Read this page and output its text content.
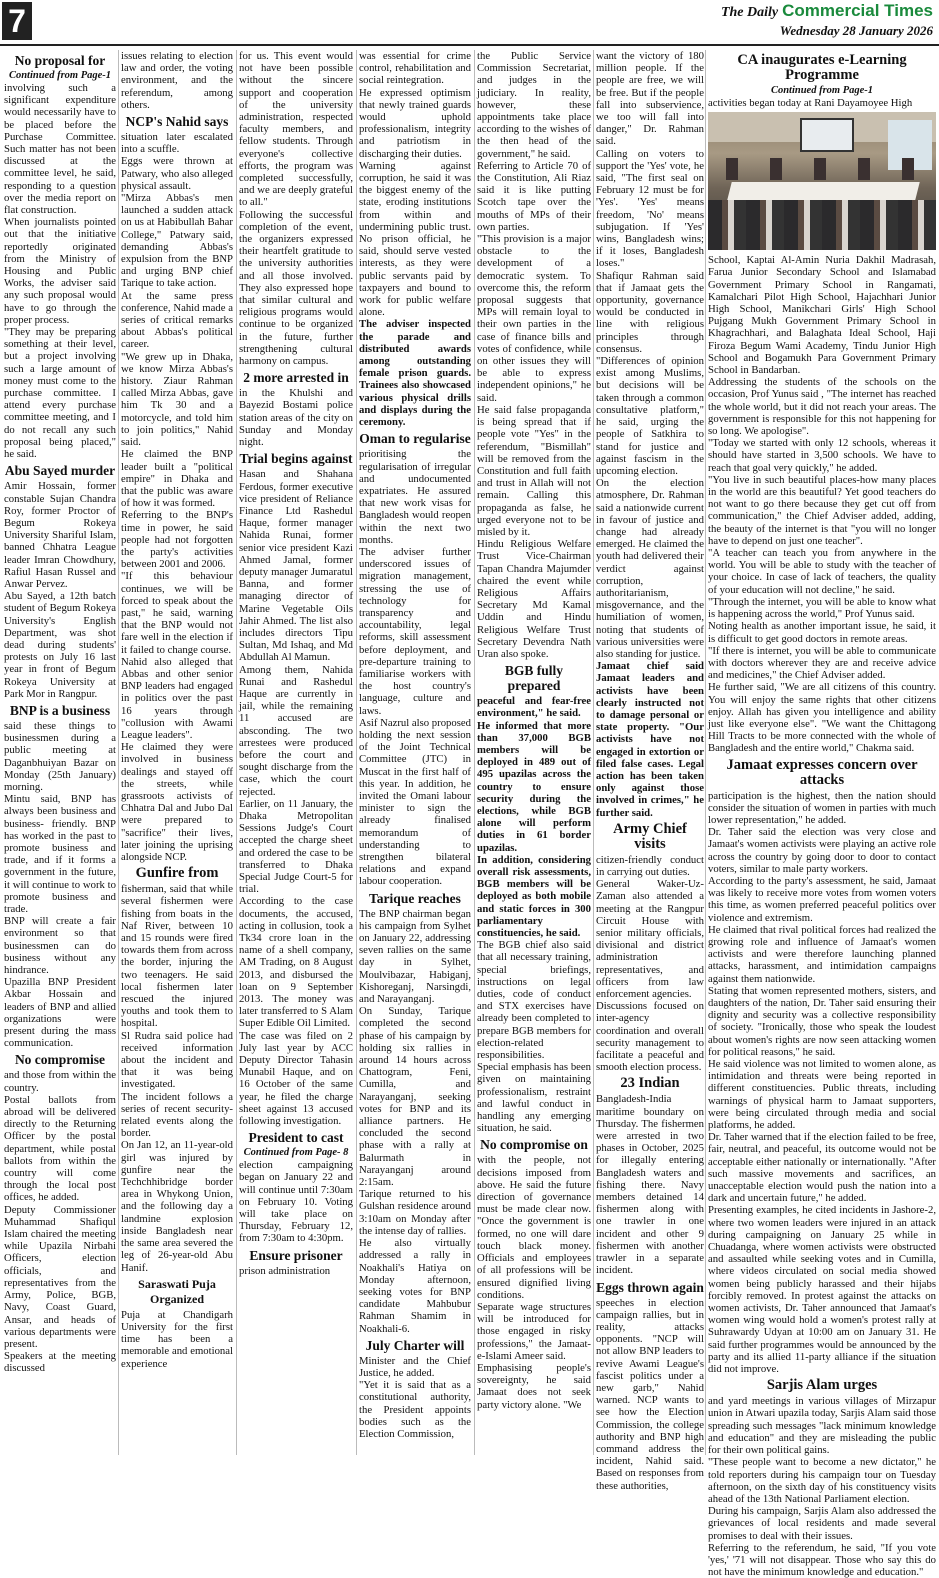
7	The Daily Commercial Times
Wednesday 28 January 2026
No proposal for
Continued from Page-1

involving such a significant expenditure would necessarily have to be placed before the Purchase Committee. Such matter has not been discussed at the committee level, he said, responding to a question over the media report on flat construction.

When journalists pointed out that the initiative reportedly originated from the Ministry of Housing and Public Works, the adviser said any such proposal would have to go through the proper process.

"They may be preparing something at their level, but a project involving such a large amount of money must come to the purchase committee. I attend every purchase committee meeting, and I do not recall any such proposal being placed," he said.

Abu Sayed murder

Amir Hossain, former constable Sujan Chandra Roy, former Proctor of Begum Rokeya University Shariful Islam, banned Chhatra League leader Imran Chowdhury, Rafiul Hasan Russel and Anwar Pervez.

Abu Sayed, a 12th batch student of Begum Rokeya University's English Department, was shot dead during students' protests on July 16 last year in front of Begum Rokeya University at Park Mor in Rangpur.

BNP is a business

said these things to businessmen during a public meeting at Daganbhuiyan Bazar on Monday (25th January) morning.

Mintu said, BNP has always been business and business- friendly. BNP has worked in the past to promote business and trade, and if it forms a government in the future, it will continue to work to promote business and trade.

BNP will create a fair environment so that businessmen can do business without any hindrance.

Upazilla BNP President Akbar Hossain and leaders of BNP and allied organizations were present during the mass communication.

No compromise

and those from within the country.

Postal ballots from abroad will be delivered directly to the Returning Officer by the postal department, while postal ballots from within the country will come through the local post offices, he added.

Deputy Commissioner Muhammad Shafiqul Islam chaired the meeting while Upazila Nirbahi Officers, election officials, and representatives from the Army, Police, BGB, Navy, Coast Guard, Ansar, and heads of various departments were present.

Speakers at the meeting discussed

issues relating to election law and order, the voting environment, and the referendum, among others.

NCP's Nahid says

situation later escalated into a scuffle.

Eggs were thrown at Patwary, who also alleged physical assault.

"Mirza Abbas's men launched a sudden attack on us at Habibullah Bahar College," Patwary said, demanding Abbas's expulsion from the BNP and urging BNP chief Tarique to take action.

At the same press conference, Nahid made a series of critical remarks about Abbas's political career.

"We grew up in Dhaka, we know Mirza Abbas's history. Ziaur Rahman called Mirza Abbas, gave him Tk 30 and a motorcycle, and told him to join politics," Nahid said.

He claimed the BNP leader built a "political empire" in Dhaka and that the public was aware of how it was formed.

Referring to the BNP's time in power, he said people had not forgotten the party's activities between 2001 and 2006.

"If this behaviour continues, we will be forced to speak about the past," he said, warning that the BNP would not fare well in the election if it failed to change course.

Nahid also alleged that Abbas and other senior BNP leaders had engaged in politics over the past 16 years through "collusion with Awami League leaders".

He claimed they were involved in business dealings and stayed off the streets, while grassroots activists of Chhatra Dal and Jubo Dal were prepared to "sacrifice" their lives, later joining the uprising alongside NCP.

Gunfire from

fisherman, said that while several fishermen were fishing from boats in the Naf River, between 10 and 15 rounds were fired towards them from across the border, injuring the two teenagers. He said local fishermen later rescued the injured youths and took them to hospital.

Sl Rudra said police had received information about the incident and that it was being investigated.

The incident follows a series of recent security-related events along the border.

On Jan 12, an 11-year-old girl was injured by gunfire near the Techchhibridge border area in Whykong Union, and the following day a landmine explosion inside Bangladesh near the same area severed the leg of 26-year-old Abu Hanif.

Saraswati Puja Organized

Puja at Chandigarh University for the first time has been a memorable and emotional experience

for us. This event would not have been possible without the sincere support and cooperation of the university administration, respected faculty members, and fellow students. Through everyone's collective efforts, the program was completed successfully, and we are deeply grateful to all."

Following the successful completion of the event, the organizers expressed their heartfelt gratitude to the university authorities and all those involved. They also expressed hope that similar cultural and religious programs would continue to be organized in the future, further strengthening cultural harmony on campus.

2 more arrested in

in the Khulshi and Bayezid Bostami police station areas of the city on Sunday and Monday night.

Trial begins against

Hasan and Shahana Ferdous, former executive vice president of Reliance Finance Ltd Rashedul Haque, former manager Nahida Runai, former senior vice president Kazi Ahmed Jamal, former deputy manager Jumaratul Banna, and former managing director of Marine Vegetable Oils Jahir Ahmed. The list also includes directors Tipu Sultan, Md Ishaq, and Md Abdullah Al Mamun.

Among them, Nahida Runai and Rashedul Haque are currently in jail, while the remaining 11 accused are absconding. The two arrestees were produced before the court and sought discharge from the case, which the court rejected.

Earlier, on 11 January, the Dhaka Metropolitan Sessions Judge's Court accepted the charge sheet and ordered the case to be transferred to Dhaka Special Judge Court-5 for trial.

According to the case documents, the accused, acting in collusion, took a Tk34 crore loan in the name of a shell company, AM Trading, on 8 August 2013, and disbursed the loan on 9 September 2013. The money was later transferred to S Alam Super Edible Oil Limited.

The case was filed on 2 July last year by ACC Deputy Director Tahasin Munabil Haque, and on 16 October of the same year, he filed the charge sheet against 13 accused following investigation.

President to cast
Continued from Page- 8

election campaigning began on January 22 and will continue until 7:30am on February 10. Voting will take place on Thursday, February 12, from 7:30am to 4:30pm.

Ensure prisoner

prison administration

was essential for crime control, rehabilitation and social reintegration.

He expressed optimism that newly trained guards would uphold professionalism, integrity and patriotism in discharging their duties.

Warning against corruption, he said it was the biggest enemy of the state, eroding institutions from within and undermining public trust. No prison official, he said, should serve vested interests, as they were public servants paid by taxpayers and bound to work for public welfare alone.

The adviser inspected the parade and distributed awards among outstanding female prison guards. Trainees also showcased various physical drills and displays during the ceremony.

Oman to regularise

prioritising the regularisation of irregular and undocumented expatriates. He assured that new work visas for Bangladesh would reopen within the next two months.

The adviser further underscored issues of migration management, stressing the use of technology for transparency and accountability, legal reforms, skill assessment before deployment, and pre-departure training to familiarise workers with the host country's language, culture and laws.

Asif Nazrul also proposed holding the next session of the Joint Technical Committee (JTC) in Muscat in the first half of this year. In addition, he invited the Omani labour minister to sign the already finalised memorandum of understanding to strengthen bilateral relations and expand labour cooperation.

Tarique reaches

The BNP chairman began his campaign from Sylhet on January 22, addressing seven rallies on the same day in Sylhet, Moulvibazar, Habiganj, Kishoreganj, Narsingdi, and Narayanganj.

On Sunday, Tarique completed the second phase of his campaign by holding six rallies in around 14 hours across Chattogram, Feni, Cumilla, and Narayanganj, seeking votes for BNP and its alliance partners. He concluded the second phase with a rally at Balurmath in Narayanganj around 2:15am.

Tarique returned to his Gulshan residence around 3:10am on Monday after the intense day of rallies.

He also virtually addressed a rally in Noakhali's Hatiya on Monday afternoon, seeking votes for BNP candidate Mahbubur Rahman Shamim in Noakhali-6.

July Charter will

Minister and the Chief Justice, he added.

"Yet it is said that as a constitutional authority, the President appoints bodies such as the Election Commission,

the Public Service Commission Secretariat, and judges in the judiciary. In reality, however, these appointments take place according to the wishes of the then head of the government," he said.

Referring to Article 70 of the Constitution, Ali Riaz said it is like putting Scotch tape over the mouths of MPs of their own parties.

"This provision is a major obstacle to the development of a democratic system. To overcome this, the reform proposal suggests that MPs will remain loyal to their own parties in the case of finance bills and votes of confidence, while on other issues they will be able to express independent opinions," he said.

He said false propaganda is being spread that if people vote "Yes" in the referendum, "Bismillah" will be removed from the Constitution and full faith and trust in Allah will not remain. Calling this propaganda as false, he urged everyone not to be misled by it.

Hindu Religious Welfare Trust Vice-Chairman Tapan Chandra Majumder chaired the event while Religious Affairs Secretary Md Kamal Uddin and Hindu Religious Welfare Trust Secretary Devendra Nath Uran also spoke.

BGB fully prepared

peaceful and fear-free environment," he said.

He informed that more than 37,000 BGB members will be deployed in 489 out of 495 upazilas across the country to ensure security during the elections, while BGB alone will perform duties in 61 border upazilas.

In addition, considering overall risk assessments, BGB members will be deployed as both mobile and static forces in 300 parliamentary constituencies, he said.

The BGB chief also said that all necessary training, special briefings, instructions on legal duties, code of conduct and STX exercises have already been completed to prepare BGB members for election-related responsibilities.

Special emphasis has been given on maintaining professionalism, restraint and lawful conduct in handling any emerging situation, he said.

No compromise on

with the people, not decisions imposed from above. He said the future direction of governance must be made clear now. "Once the government is formed, no one will dare touch black money. Officials and employees of all professions will be ensured dignified living conditions.

Separate wage structures will be introduced for those engaged in risky professions," the Jamaat-e-Islami Ameer said.

Emphasising people's sovereignty, he said Jamaat does not seek party victory alone. "We

want the victory of 180 million people. If the people are free, we will be free. But if the people fall into subservience, we too will fall into danger," Dr. Rahman said.

Calling on voters to support the 'Yes' vote, he said, "The first seal on February 12 must be for 'Yes'. 'Yes' means freedom, 'No' means subjugation. If 'Yes' wins, Bangladesh wins; if it loses, Bangladesh loses."

Shafiqur Rahman said that if Jamaat gets the opportunity, governance would be conducted in line with religious principles through consensus.

"Differences of opinion exist among Muslims, but decisions will be taken through a common consultative platform," he said, urging the people of Satkhira to stand for justice and against fascism in the upcoming election.

On the election atmosphere, Dr. Rahman said a nationwide current in favour of justice and change had already emerged. He claimed the youth had delivered their verdict against corruption, authoritarianism, misgovernance, and the humiliation of women, noting that students of various universities were also standing for justice.

Jamaat chief said Jamaat leaders and activists have been clearly instructed not to damage personal or state property. "Our activists have not engaged in extortion or filed false cases. Legal action has been taken only against those involved in crimes," he further said.

Army Chief visits

citizen-friendly conduct in carrying out duties.

General Waker-Uz-Zaman also attended a meeting at the Rangpur Circuit House with senior military officials, divisional and district administration representatives, and officers from law enforcement agencies.

Discussions focused on inter-agency coordination and overall security management to facilitate a peaceful and smooth election process.

23 Indian

Bangladesh-India maritime boundary on Thursday. The fishermen were arrested in two phases in October, 2025 for illegally entering Bangladesh waters and fishing there. Navy members detained 14 fishermen along with one trawler in one incident and other 9 fishermen with another trawler in a separate incident.

Eggs thrown again

speeches in election campaign rallies, but in reality, attacks opponents. "NCP will not allow BNP leaders to revive Awami League's fascist politics under a new garb," Nahid warned. NCP wants to see how the Election Commission, the college authority and BNP high command address the incident, Nahid said. Based on responses from these authorities,

CA inaugurates e-Learning Programme
Continued from Page-1

activities began today at Rani Dayamoyee High

School, Kaptai Al-Amin Nuria Dakhil Madrasah, Farua Junior Secondary School and Islamabad Government Primary School in Rangamati, Kamalchari Pilot High School, Hajachhari Junior High School, Manikchari Girls' High School Pujgang Mukh Government Primary School in Khagrachhari, and Balaghata Ideal School, Haji Firoza Begum Wami Academy, Tindu Junior High School and Bogamukh Para Government Primary School in Bandarban.

Addressing the students of the schools on the occasion, Prof Yunus said , "The internet has reached the whole world, but it did not reach your areas. The government is responsible for this not happening for so long. We apologise".

"Today we started with only 12 schools, whereas it should have started in 3,500 schools. We have to reach that goal very quickly," he added.

"You live in such beautiful places-how many places in the world are this beautiful? Yet good teachers do not want to go there because they get cut off from communication," the Chief Adviser added, adding, the beauty of the internet is that "you will no longer have to depend on just one teacher".

"A teacher can teach you from anywhere in the world. You will be able to study with the teacher of your choice. In case of lack of teachers, the quality of your education will not decline," he said.

"Through the internet, you will be able to know what is happening across the world," Prof Yunus said.

Noting health as another important issue, he said, it is difficult to get good doctors in remote areas.

"If there is internet, you will be able to communicate with doctors wherever they are and receive advice and medicines," the Chief Adviser added.

He further said, "We are all citizens of this country. You will enjoy the same rights that other citizens enjoy. Allah has given you intelligence and ability just like everyone else". "We want the Chittagong Hill Tracts to be more connected with the whole of Bangladesh and the entire world," Chakma said.

Jamaat expresses concern over attacks

participation is the highest, then the nation should consider the situation of women in parties with much lower representation," he added.

Dr. Taher said the election was very close and Jamaat's women activists were playing an active role across the country by going door to door to contact voters, similar to male party workers.

According to the party's assessment, he said, Jamaat was likely to receive more votes from women voters this time, as women preferred peaceful politics over violence and extremism.

He claimed that rival political forces had realized the growing role and influence of Jamaat's women activists and were therefore launching planned attacks, harassment, and intimidation campaigns against them nationwide.

Stating that women represented mothers, sisters, and daughters of the nation, Dr. Taher said ensuring their dignity and security was a collective responsibility of society. "Ironically, those who speak the loudest about women's rights are now seen attacking women for political reasons," he said.

He said violence was not limited to women alone, as intimidation and threats were being reported in different constituencies. Public threats, including warnings of physical harm to Jamaat supporters, were being circulated through media and social platforms, he added.

Dr. Taher warned that if the election failed to be free, fair, neutral, and peaceful, its outcome would not be acceptable either nationally or internationally. "After such massive movements and sacrifices, an unacceptable election would push the nation into a dark and uncertain future," he added.

Presenting examples, he cited incidents in Jashore-2, where two women leaders were injured in an attack during campaigning on January 25 while in Chuadanga, where women activists were obstructed and assaulted while seeking votes and in Cumilla, where videos circulated on social media showed women being publicly harassed and their hijabs forcibly removed. In protest against the attacks on women activists, Dr. Taher announced that Jamaat's women wing would hold a women's protest rally at Suhrawardy Udyan at 10:00 am on January 31. He said further programmes would be announced by the party and its allied 11-party alliance if the situation did not improve.

Sarjis Alam urges

and yard meetings in various villages of Mirzapur union in Atwari upazila today, Sarjis Alam said those spreading such messages "lack minimum knowledge and education" and they are misleading the public for their own political gains.

"These people want to become a new dictator," he told reporters during his campaign tour on Tuesday afternoon, on the sixth day of his constituency visits ahead of the 13th National Parliament election.

During his campaign, Sarjis Alam also addressed the grievances of local residents and made several promises to deal with their issues.

Referring to the referendum, he said, "If you vote 'yes,' '71 will not disappear. Those who say this do not have the minimum knowledge and education."
